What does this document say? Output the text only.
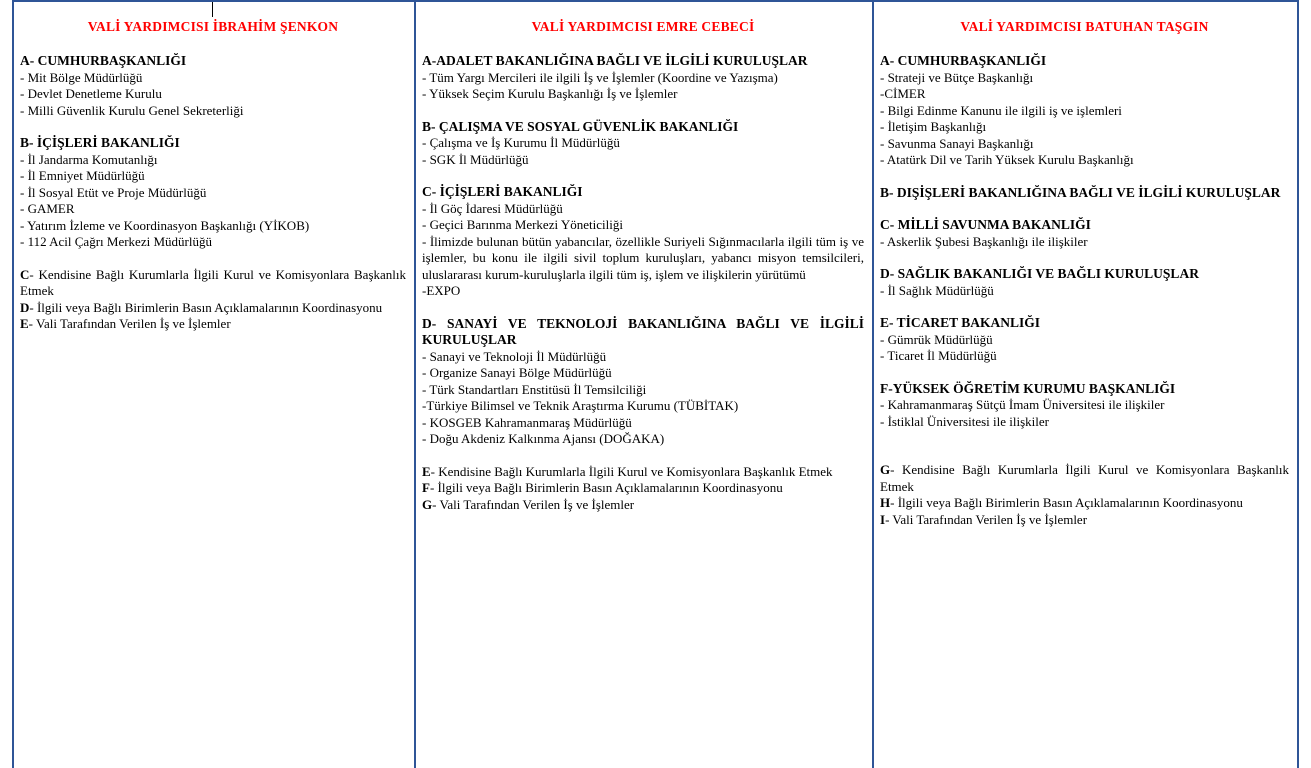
VALİ YARDIMCISI İBRAHİM ŞENKON
A- CUMHURBAŞKANLIĞI
- Mit Bölge Müdürlüğü
- Devlet Denetleme Kurulu
- Milli Güvenlik Kurulu Genel Sekreterliği
B- İÇİŞLERİ BAKANLIĞI
- İl Jandarma Komutanlığı
- İl Emniyet Müdürlüğü
- İl Sosyal Etüt ve Proje Müdürlüğü
- GAMER
- Yatırım İzleme ve Koordinasyon Başkanlığı (YİKOB)
- 112 Acil Çağrı Merkezi Müdürlüğü
C- Kendisine Bağlı Kurumlarla İlgili Kurul ve Komisyonlara Başkanlık Etmek
D- İlgili veya Bağlı Birimlerin Basın Açıklamalarının Koordinasyonu
E- Vali Tarafından Verilen İş ve İşlemler
VALİ YARDIMCISI EMRE CEBECİ
A-ADALET BAKANLIĞINA BAĞLI VE İLGİLİ KURULUŞLAR
- Tüm Yargı Mercileri ile ilgili İş ve İşlemler (Koordine ve Yazışma)
- Yüksek Seçim Kurulu Başkanlığı İş ve İşlemler
B- ÇALIŞMA VE SOSYAL GÜVENLİK BAKANLIĞI
- Çalışma ve İş Kurumu İl Müdürlüğü
- SGK İl Müdürlüğü
C- İÇİŞLERİ BAKANLIĞI
- İl Göç İdaresi Müdürlüğü
- Geçici Barınma Merkezi Yöneticiliği
- İlimizde bulunan bütün yabancılar, özellikle Suriyeli Sığınmacılarla ilgili tüm iş ve işlemler, bu konu ile ilgili sivil toplum kuruluşları, yabancı misyon temsilcileri, uluslararası kurum-kuruluşlarla ilgili tüm iş, işlem ve ilişkilerin yürütümü
-EXPO
D- SANAYİ VE TEKNOLOJİ BAKANLIĞINA BAĞLI VE İLGİLİ KURULUŞLAR
- Sanayi ve Teknoloji İl Müdürlüğü
- Organize Sanayi Bölge Müdürlüğü
- Türk Standartları Enstitüsü İl Temsilciliği
-Türkiye Bilimsel ve Teknik Araştırma Kurumu (TÜBİTAK)
- KOSGEB Kahramanmaraş Müdürlüğü
- Doğu Akdeniz Kalkınma Ajansı (DOĞAKA)
E- Kendisine Bağlı Kurumlarla İlgili Kurul ve Komisyonlara Başkanlık Etmek
F- İlgili veya Bağlı Birimlerin Basın Açıklamalarının Koordinasyonu
G- Vali Tarafından Verilen İş ve İşlemler
VALİ YARDIMCISI BATUHAN TAŞGIN
A- CUMHURBAŞKANLIĞI
- Strateji ve Bütçe Başkanlığı
-CİMER
- Bilgi Edinme Kanunu ile ilgili iş ve işlemleri
- İletişim Başkanlığı
- Savunma Sanayi Başkanlığı
- Atatürk Dil ve Tarih Yüksek Kurulu Başkanlığı
B- DIŞİŞLERİ BAKANLIĞINA BAĞLI VE İLGİLİ KURULUŞLAR
C- MİLLİ SAVUNMA BAKANLIĞI
- Askerlik Şubesi Başkanlığı ile ilişkiler
D- SAĞLIK BAKANLIĞI VE BAĞLI KURULUŞLAR
- İl Sağlık Müdürlüğü
E- TİCARET BAKANLIĞI
- Gümrük Müdürlüğü
- Ticaret İl Müdürlüğü
F-YÜKSEK ÖĞRETİM KURUMU BAŞKANLIĞI
- Kahramanmaraş Sütçü İmam Üniversitesi ile ilişkiler
- İstiklal Üniversitesi ile ilişkiler
G- Kendisine Bağlı Kurumlarla İlgili Kurul ve Komisyonlara Başkanlık Etmek
H- İlgili veya Bağlı Birimlerin Basın Açıklamalarının Koordinasyonu
I- Vali Tarafından Verilen İş ve İşlemler
